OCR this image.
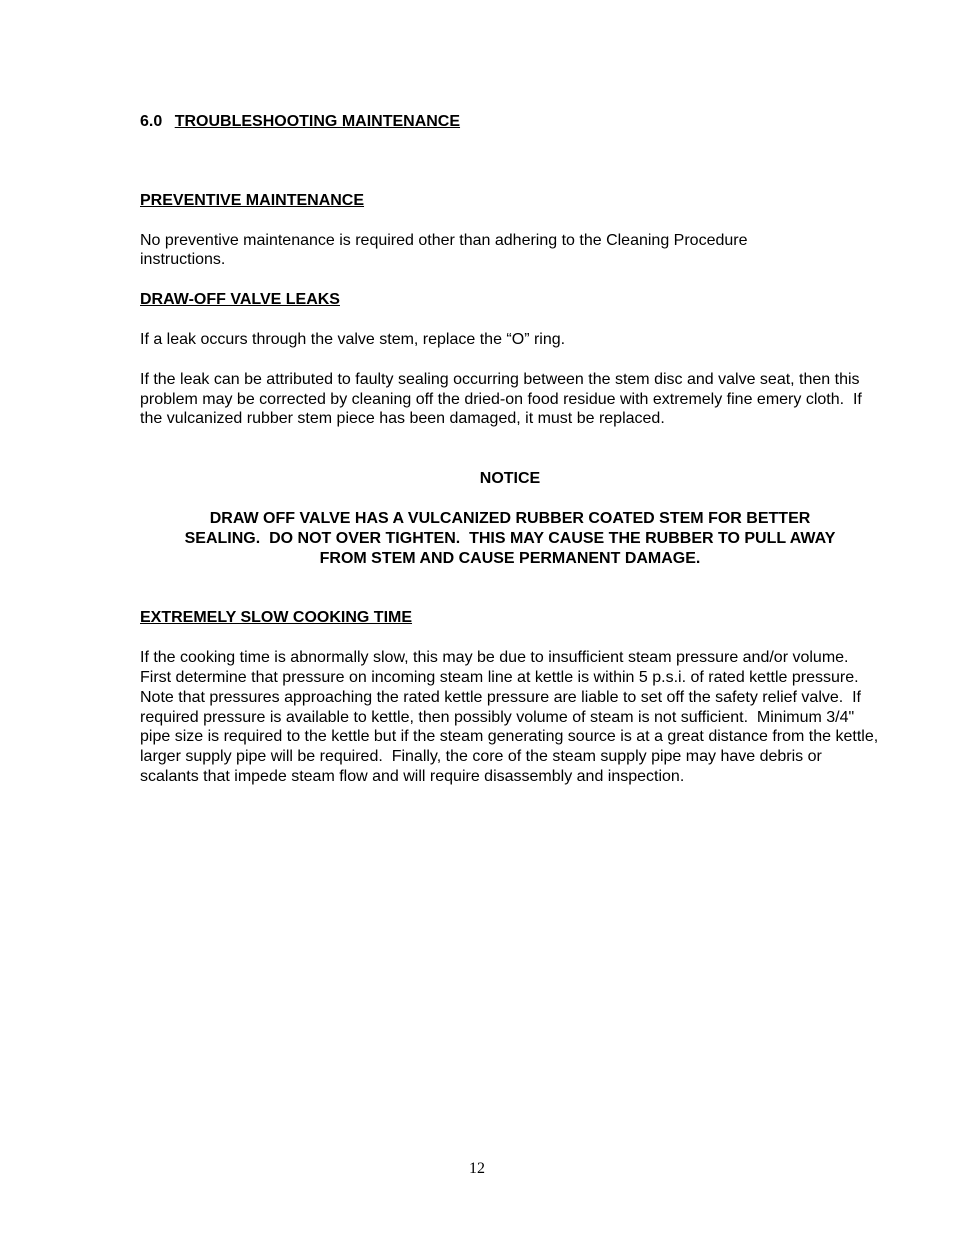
6.0 TROUBLESHOOTING MAINTENANCE
PREVENTIVE MAINTENANCE

No preventive maintenance is required other than adhering to the Cleaning Procedure instructions.

DRAW-OFF VALVE LEAKS

If a leak occurs through the valve stem, replace the “O” ring.

If the leak can be attributed to faulty sealing occurring between the stem disc and valve seat, then this problem may be corrected by cleaning off the dried-on food residue with extremely fine emery cloth.  If the vulcanized rubber stem piece has been damaged, it must be replaced.

NOTICE

DRAW OFF VALVE HAS A VULCANIZED RUBBER COATED STEM FOR BETTER SEALING.  DO NOT OVER TIGHTEN.  THIS MAY CAUSE THE RUBBER TO PULL AWAY FROM STEM AND CAUSE PERMANENT DAMAGE.

EXTREMELY SLOW COOKING TIME

If the cooking time is abnormally slow, this may be due to insufficient steam pressure and/or volume.  First determine that pressure on incoming steam line at kettle is within 5 p.s.i. of rated kettle pressure.  Note that pressures approaching the rated kettle pressure are liable to set off the safety relief valve.  If required pressure is available to kettle, then possibly volume of steam is not sufficient.  Minimum 3/4" pipe size is required to the kettle but if the steam generating source is at a great distance from the kettle, larger supply pipe will be required.  Finally, the core of the steam supply pipe may have debris or scalants that impede steam flow and will require disassembly and inspection.

12
